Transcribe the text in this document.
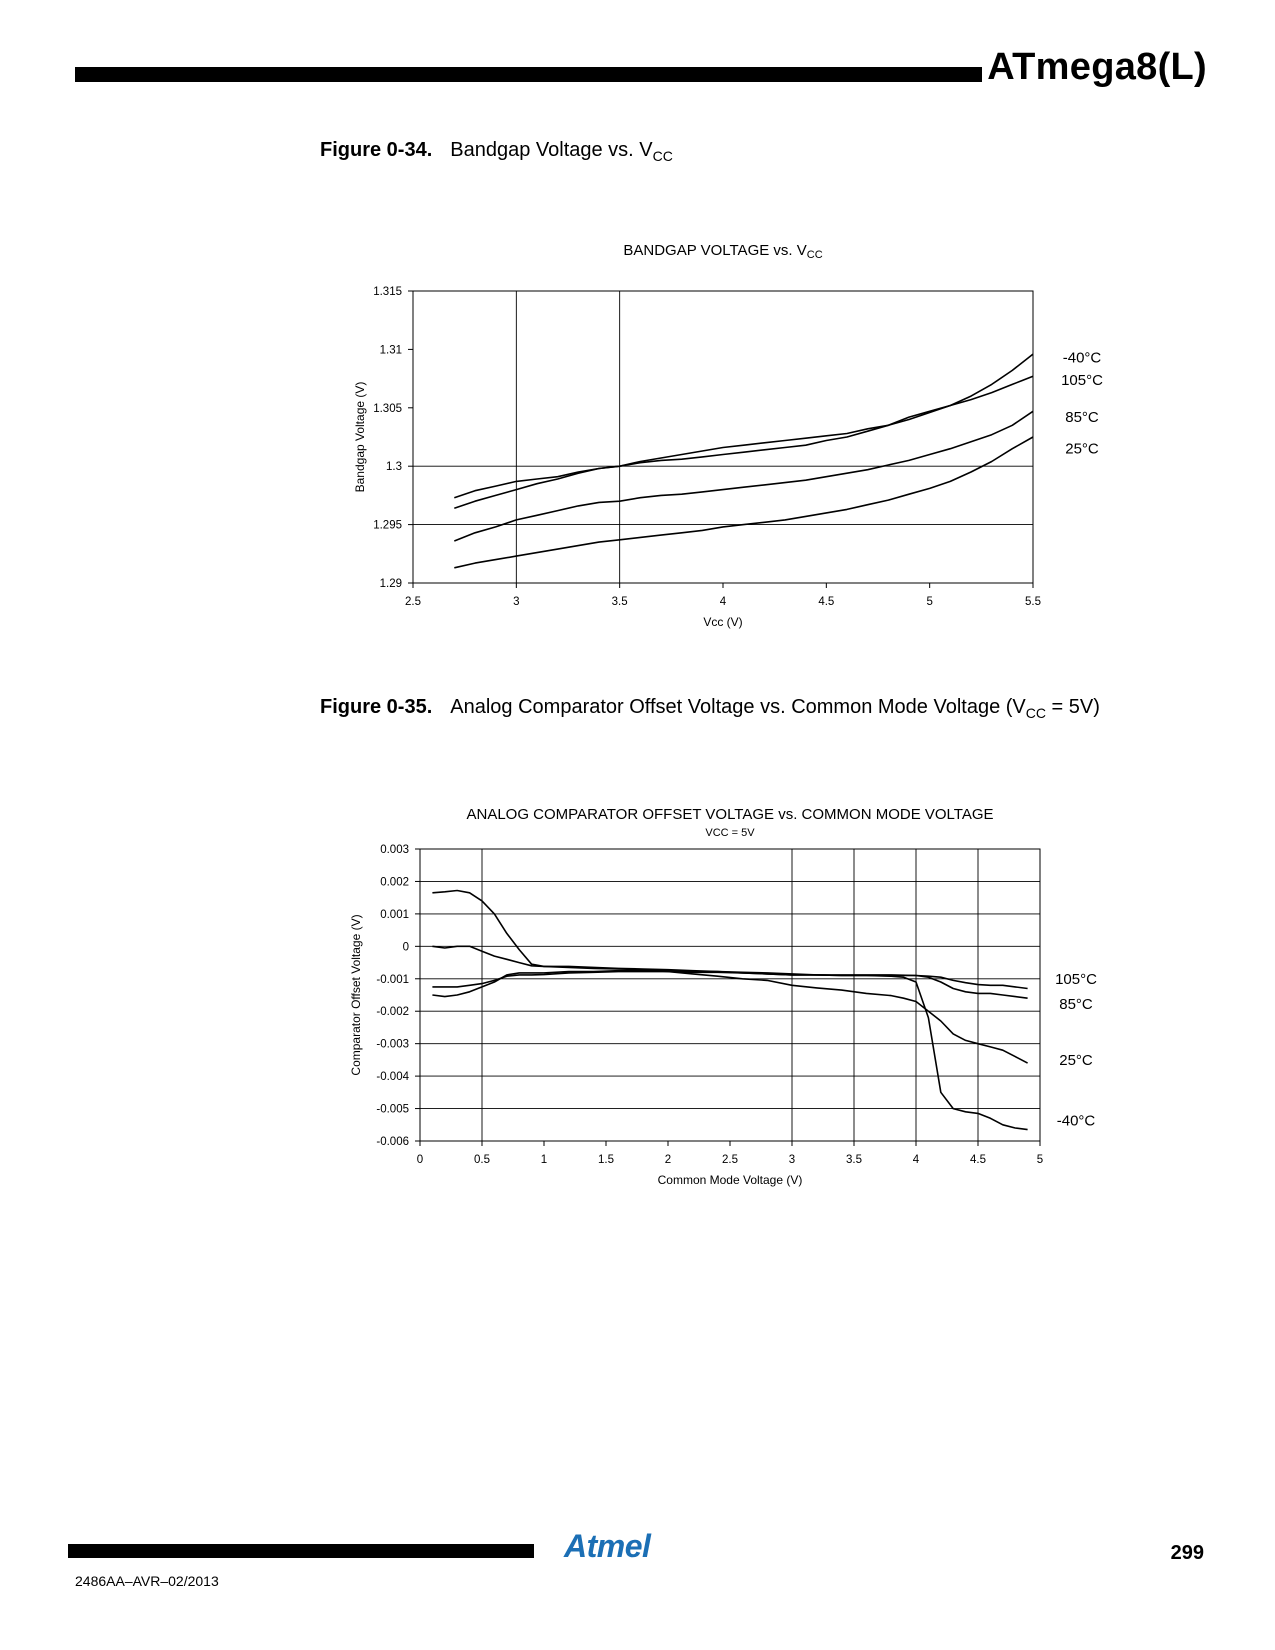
ATmega8(L)
Figure 0-34. Bandgap Voltage vs. $V_{CC}$
BANDGAP VOLTAGE vs. $V_{CC}$
1.29
1.295
1.3
1.305
1.31
1.315
2.5	3	3.5	4	4.5	5	5.5
Vcc (V)
Bandgap Voltage (V)
-40°C
105°C
85°C
25°C
Figure 0-35. Analog Comparator Offset Voltage vs. Common Mode Voltage $(V_{CC} = 5V)$
ANALOG COMPARATOR OFFSET VOLTAGE vs. COMMON MODE VOLTAGE
VCC = 5V
-0.006
-0.005
-0.004
-0.003
-0.002
-0.001
0
0.001
0.002
0.003
0	0.5	1	1.5	2	2.5	3	3.5	4	4.5	5
Common Mode Voltage (V)
Comparator Offset Voltage (V)	105°C
85°C
25°C
-40°C
Atmel	299
2486AA–AVR–02/2013
